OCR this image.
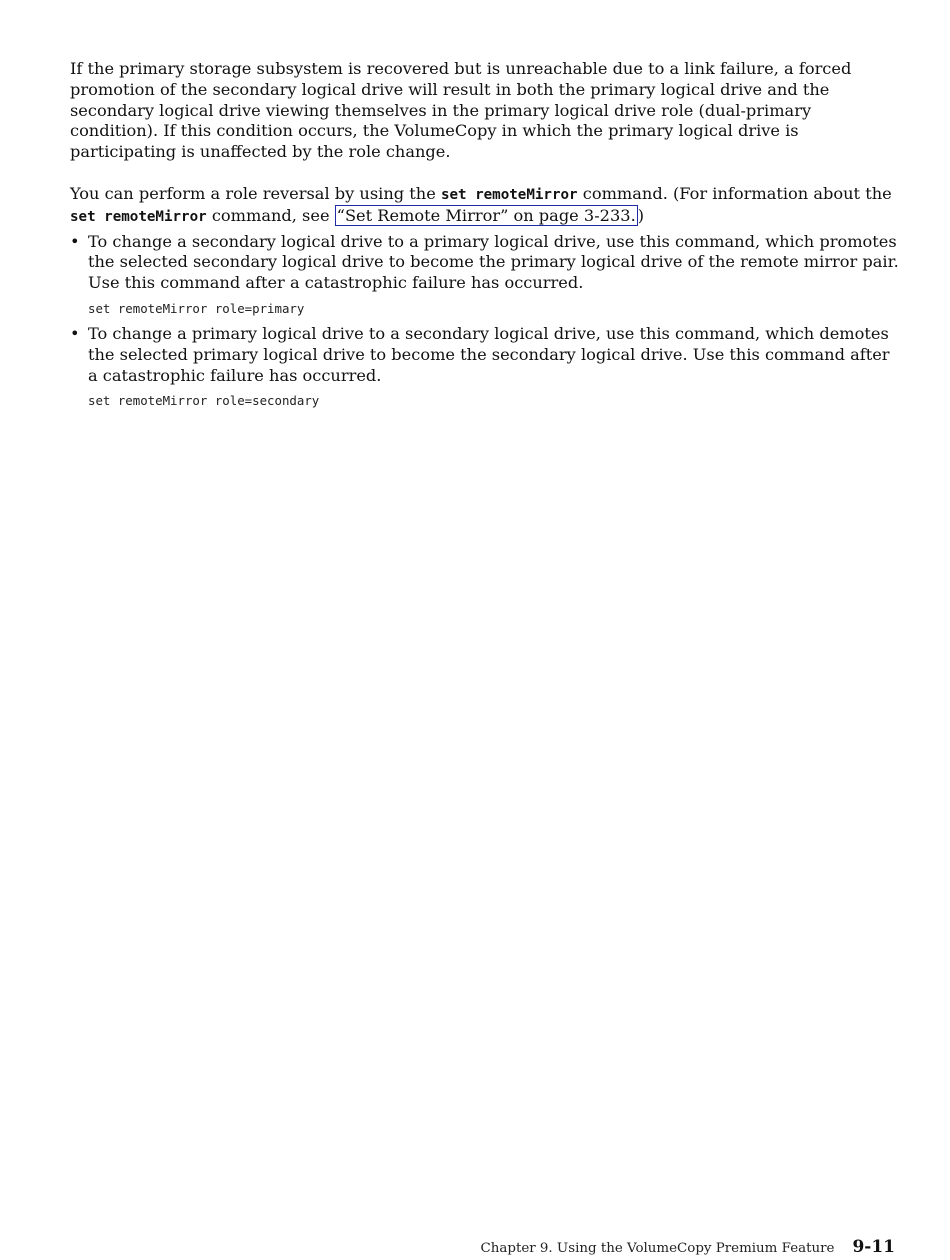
If the primary storage subsystem is recovered but is unreachable due to a link failure, a forced promotion of the secondary logical drive will result in both the primary logical drive and the secondary logical drive viewing themselves in the primary logical drive role (dual-primary condition). If this condition occurs, the VolumeCopy in which the primary logical drive is participating is unaffected by the role change.

You can perform a role reversal by using the set remoteMirror command. (For information about the set remoteMirror command, see “Set Remote Mirror” on page 3-233. )

• To change a secondary logical drive to a primary logical drive, use this command, which promotes the selected secondary logical drive to become the primary logical drive of the remote mirror pair. Use this command after a catastrophic failure has occurred.

set remoteMirror role=primary
• To change a primary logical drive to a secondary logical drive, use this command, which demotes the selected primary logical drive to become the secondary logical drive. Use this command after a catastrophic failure has occurred.

set remoteMirror role=secondary
Chapter 9. Using the VolumeCopy Premium Feature 9-11
